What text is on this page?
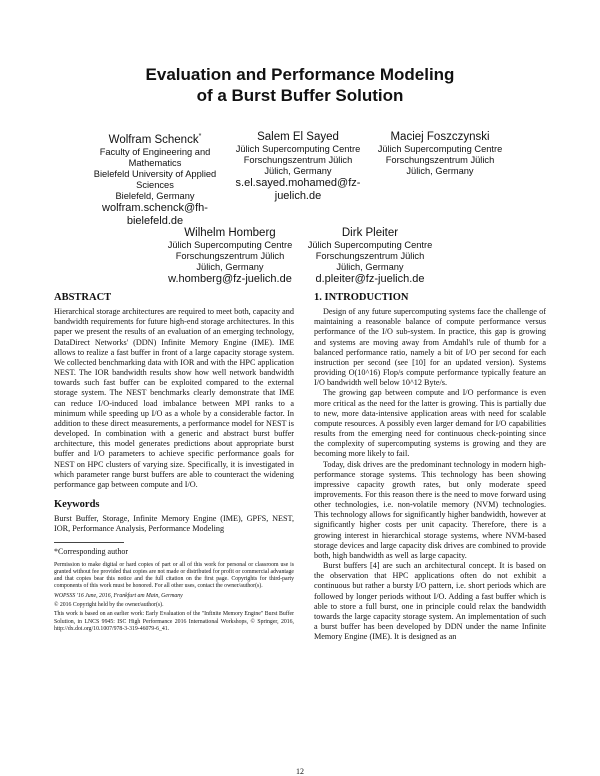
Evaluation and Performance Modeling
of a Burst Buffer Solution
Wolfram Schenck*
Faculty of Engineering and
Mathematics
Bielefeld University of Applied
Sciences
Bielefeld, Germany
wolfram.schenck@fh-
bielefeld.de
Salem El Sayed
Jülich Supercomputing Centre
Forschungszentrum Jülich
Jülich, Germany
s.el.sayed.mohamed@fz-
juelich.de
Maciej Foszczynski
Jülich Supercomputing Centre
Forschungszentrum Jülich
Jülich, Germany
Wilhelm Homberg
Jülich Supercomputing Centre
Forschungszentrum Jülich
Jülich, Germany
w.homberg@fz-juelich.de
Dirk Pleiter
Jülich Supercomputing Centre
Forschungszentrum Jülich
Jülich, Germany
d.pleiter@fz-juelich.de
ABSTRACT

Hierarchical storage architectures are required to meet both, capacity and bandwidth requirements for future high-end storage architectures. In this paper we present the results of an evaluation of an emerging technology, DataDirect Networks' (DDN) Infinite Memory Engine (IME). IME allows to realize a fast buffer in front of a large capacity storage system. We collected benchmarking data with IOR and with the HPC application NEST. The IOR bandwidth results show how well network bandwidth towards such fast buffer can be exploited compared to the external storage system. The NEST benchmarks clearly demonstrate that IME can reduce I/O-induced load imbalance between MPI ranks to a minimum while speeding up I/O as a whole by a considerable factor. In addition to these direct measurements, a performance model for NEST is developed. In combination with a generic and abstract burst buffer architecture, this model generates predictions about appropriate burst buffer and I/O parameters to achieve specific performance goals for NEST on HPC clusters of varying size. Specifically, it is investigated in which parameter range burst buffers are able to counteract the widening performance gap between compute and I/O.

Keywords

Burst Buffer, Storage, Infinite Memory Engine (IME), GPFS, NEST, IOR, Performance Analysis, Performance Modeling

*Corresponding author

Permission to make digital or hard copies of part or all of this work for personal or classroom use is granted without fee provided that copies are not made or distributed for profit or commercial advantage and that copies bear this notice and the full citation on the first page. Copyrights for third-party components of this work must be honored. For all other uses, contact the owner/author(s).

WOPSSS '16 June, 2016, Frankfurt am Main, Germany

© 2016 Copyright held by the owner/author(s).

This work is based on an earlier work: Early Evaluation of the "Infinite Memory Engine" Burst Buffer Solution, in LNCS 9945: ISC High Performance 2016 International Workshops, © Springer, 2016, http://dx.doi.org/10.1007/978-3-319-46079-6_41.

1. INTRODUCTION

Design of any future supercomputing systems face the challenge of maintaining a reasonable balance of compute performance versus performance of the I/O sub-system. In practice, this gap is growing and systems are moving away from Amdahl's rule of thumb for a balanced performance ratio, namely a bit of I/O per second for each instruction per second (see [10] for an updated version). Systems providing O(10^16) Flop/s compute performance typically feature an I/O bandwidth well below 10^12 Byte/s.

The growing gap between compute and I/O performance is even more critical as the need for the latter is growing. This is partially due to new, more data-intensive application areas with need for scalable compute resources. A possibly even larger demand for I/O capabilities results from the emerging need for continuous check-pointing since the complexity of supercomputing systems is growing and they are becoming more likely to fail.

Today, disk drives are the predominant technology in modern high-performance storage systems. This technology has been showing impressive capacity growth rates, but only moderate speed improvements. For this reason there is the need to move forward using other technologies, i.e. non-volatile memory (NVM) technologies. This technology allows for significantly higher bandwidth, however at significantly higher costs per unit capacity. Therefore, there is a growing interest in hierarchical storage systems, where NVM-based storage devices and large capacity disk drives are combined to provide both, high bandwidth as well as large capacity.

Burst buffers [4] are such an architectural concept. It is based on the observation that HPC applications often do not exhibit a continuous but rather a bursty I/O pattern, i.e. short periods which are followed by longer periods without I/O. Adding a fast buffer which is able to store a full burst, one in principle could relax the bandwidth towards the large capacity storage system. An implementation of such a burst buffer has been developed by DDN under the name Infinite Memory Engine (IME). It is designed as an

12
